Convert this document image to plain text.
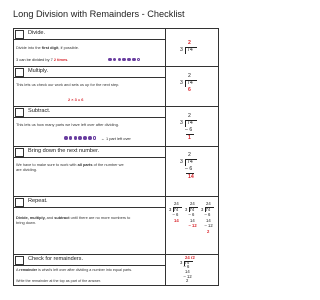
Long Division with Remainders - Checklist
Divide.
Divide into the first digit, if possible.
3 can be divided by 7 2 times.
2
3 74
Multiply.
This lets us check our work and sets us up for the next step.
2 × 3 = 6
2
3 74
6
Subtract.
This lets us how many parts we have left over after dividing.
← 1 part left over
2
3 74
– 6
1
Bring down the next number.
We have to make sure to work with all parts of the number we are dividing.
2
3 74
– 6
14
Repeat.
Divide, multiply, and subtract until there are no more numbers to bring down.
24
3 74
– 6
14
24
3 74
– 6
14
– 12
24
3 74
– 6
14
– 12
2
Check for remainders.
A remainder is what's left over after dividing a number into equal parts.
Write the remainder at the top as part of the answer.
24 r2
3 74
– 6
14
– 12
2
